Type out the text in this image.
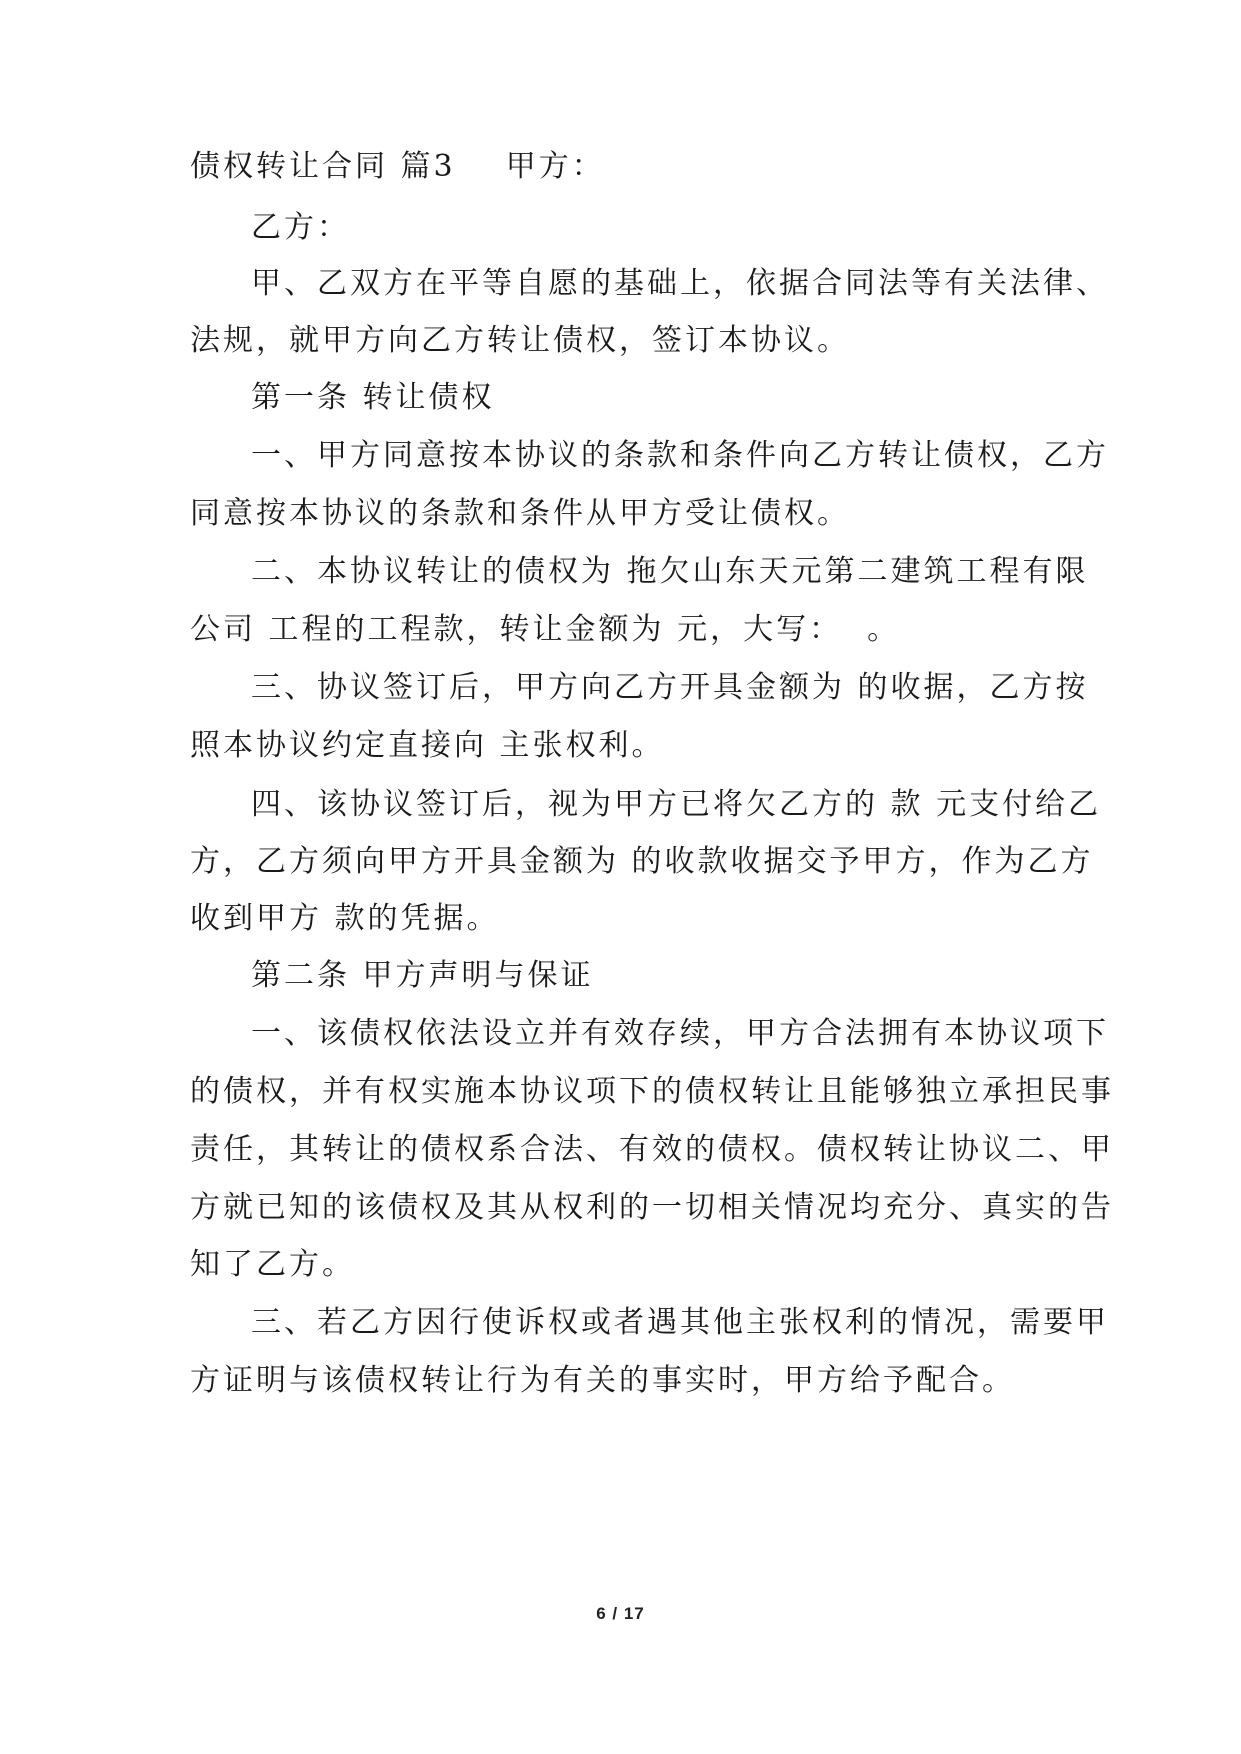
债权转让合同 篇3    甲方：
乙方：
甲、乙双方在平等自愿的基础上，依据合同法等有关法律、
法规，就甲方向乙方转让债权，签订本协议。
第一条 转让债权
一、甲方同意按本协议的条款和条件向乙方转让债权，乙方
同意按本协议的条款和条件从甲方受让债权。
二、本协议转让的债权为 拖欠山东天元第二建筑工程有限
公司 工程的工程款，转让金额为 元，大写：  。
三、协议签订后，甲方向乙方开具金额为 的收据，乙方按
照本协议约定直接向 主张权利。
四、该协议签订后，视为甲方已将欠乙方的 款 元支付给乙
方，乙方须向甲方开具金额为 的收款收据交予甲方，作为乙方
收到甲方 款的凭据。
第二条 甲方声明与保证
一、该债权依法设立并有效存续，甲方合法拥有本协议项下
的债权，并有权实施本协议项下的债权转让且能够独立承担民事
责任，其转让的债权系合法、有效的债权。债权转让协议二、甲
方就已知的该债权及其从权利的一切相关情况均充分、真实的告
知了乙方。
三、若乙方因行使诉权或者遇其他主张权利的情况，需要甲
方证明与该债权转让行为有关的事实时，甲方给予配合。
6 / 17
